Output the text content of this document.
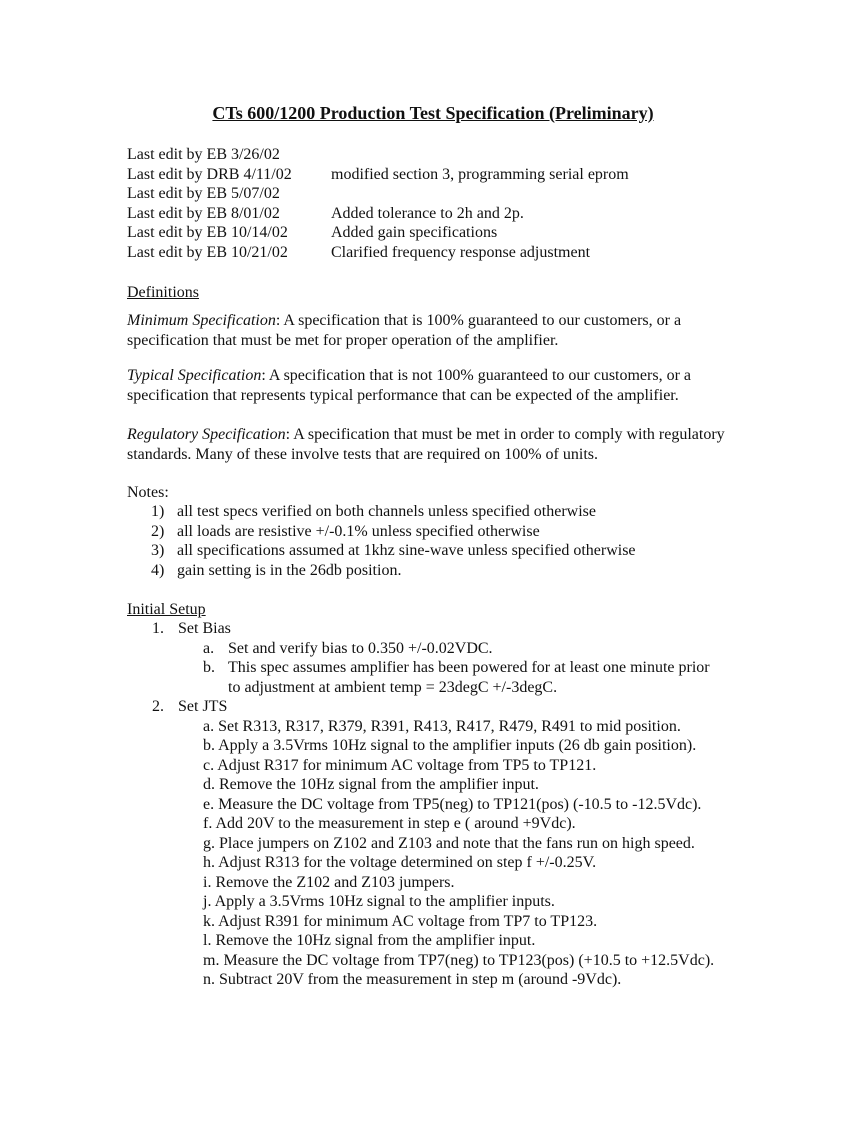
CTs 600/1200 Production Test Specification (Preliminary)
Last edit by EB 3/26/02
Last edit by DRB 4/11/02	modified section 3, programming serial eprom
Last edit by EB 5/07/02
Last edit by EB 8/01/02	Added tolerance to 2h and 2p.
Last edit by EB 10/14/02	Added gain specifications
Last edit by EB 10/21/02	Clarified frequency response adjustment
Definitions
Minimum Specification: A specification that is 100% guaranteed to our customers, or a specification that must be met for proper operation of the amplifier.
Typical Specification: A specification that is not 100% guaranteed to our customers, or a specification that represents typical performance that can be expected of the amplifier.
Regulatory Specification: A specification that must be met in order to comply with regulatory standards. Many of these involve tests that are required on 100% of units.
Notes:
1) all test specs verified on both channels unless specified otherwise
2) all loads are resistive +/-0.1% unless specified otherwise
3) all specifications assumed at 1khz sine-wave unless specified otherwise
4) gain setting is in the 26db position.
Initial Setup
1. Set Bias
a. Set and verify bias to 0.350 +/-0.02VDC.
b. This spec assumes amplifier has been powered for at least one minute prior to adjustment at ambient temp = 23degC +/-3degC.
2. Set JTS
a. Set R313, R317, R379, R391, R413, R417, R479, R491 to mid position.
b. Apply a 3.5Vrms 10Hz signal to the amplifier inputs (26 db gain position).
c. Adjust R317 for minimum AC voltage from TP5 to TP121.
d. Remove the 10Hz signal from the amplifier input.
e. Measure the DC voltage from TP5(neg) to TP121(pos) (-10.5 to -12.5Vdc).
f. Add 20V to the measurement in step e ( around +9Vdc).
g. Place jumpers on Z102 and Z103 and note that the fans run on high speed.
h. Adjust R313 for the voltage determined on step f +/-0.25V.
i. Remove the Z102 and Z103 jumpers.
j. Apply a 3.5Vrms 10Hz signal to the amplifier inputs.
k. Adjust R391 for minimum AC voltage from TP7 to TP123.
l. Remove the 10Hz signal from the amplifier input.
m. Measure the DC voltage from TP7(neg) to TP123(pos) (+10.5 to +12.5Vdc).
n. Subtract 20V from the measurement in step m (around -9Vdc).
